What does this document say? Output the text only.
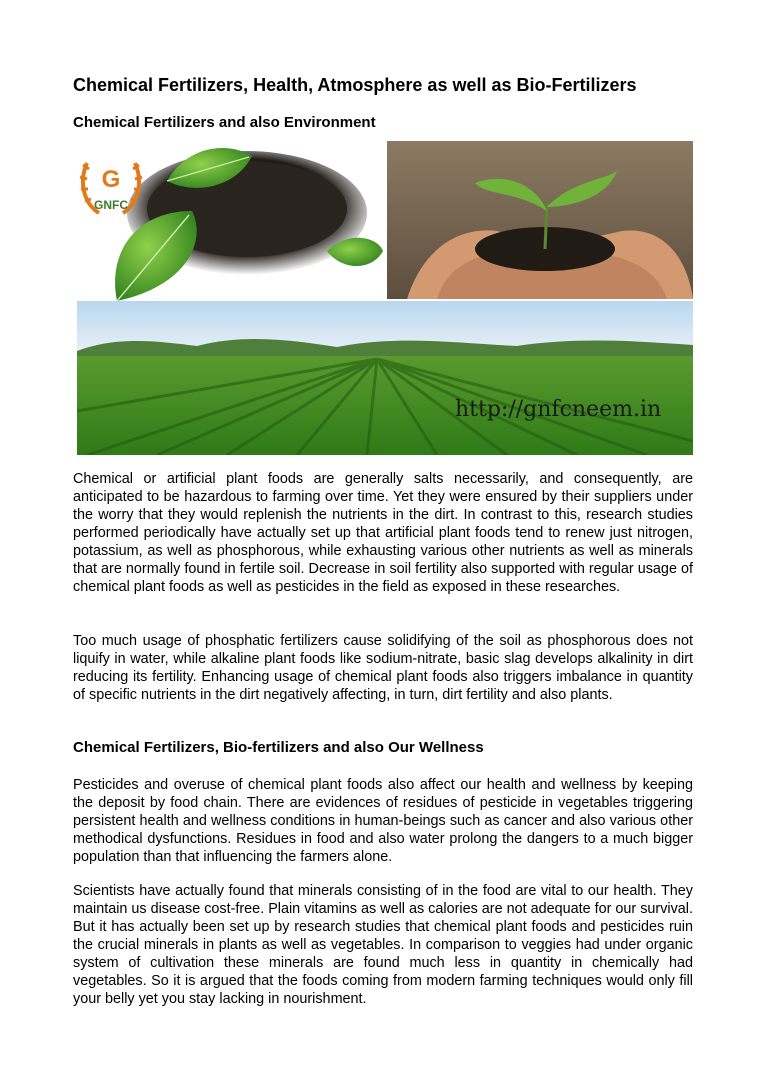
Chemical Fertilizers, Health, Atmosphere as well as Bio-Fertilizers
Chemical Fertilizers and also Environment
G
GNFC
http://gnfcneem.in

Chemical or artificial plant foods are generally salts necessarily, and consequently, are anticipated to be hazardous to farming over time. Yet they were ensured by their suppliers under the worry that they would replenish the nutrients in the dirt. In contrast to this, research studies performed periodically have actually set up that artificial plant foods tend to renew just nitrogen, potassium, as well as phosphorous, while exhausting various other nutrients as well as minerals that are normally found in fertile soil. Decrease in soil fertility also supported with regular usage of chemical plant foods as well as pesticides in the field as exposed in these researches.

Too much usage of phosphatic fertilizers cause solidifying of the soil as phosphorous does not liquify in water, while alkaline plant foods like sodium-nitrate, basic slag develops alkalinity in dirt reducing its fertility. Enhancing usage of chemical plant foods also triggers imbalance in quantity of specific nutrients in the dirt negatively affecting, in turn, dirt fertility and also plants.

Chemical Fertilizers, Bio-fertilizers and also Our Wellness

Pesticides and overuse of chemical plant foods also affect our health and wellness by keeping the deposit by food chain. There are evidences of residues of pesticide in vegetables triggering persistent health and wellness conditions in human-beings such as cancer and also various other methodical dysfunctions. Residues in food and also water prolong the dangers to a much bigger population than that influencing the farmers alone.

Scientists have actually found that minerals consisting of in the food are vital to our health. They maintain us disease cost-free. Plain vitamins as well as calories are not adequate for our survival. But it has actually been set up by research studies that chemical plant foods and pesticides ruin the crucial minerals in plants as well as vegetables. In comparison to veggies had under organic system of cultivation these minerals are found much less in quantity in chemically had vegetables. So it is argued that the foods coming from modern farming techniques would only fill your belly yet you stay lacking in nourishment.
